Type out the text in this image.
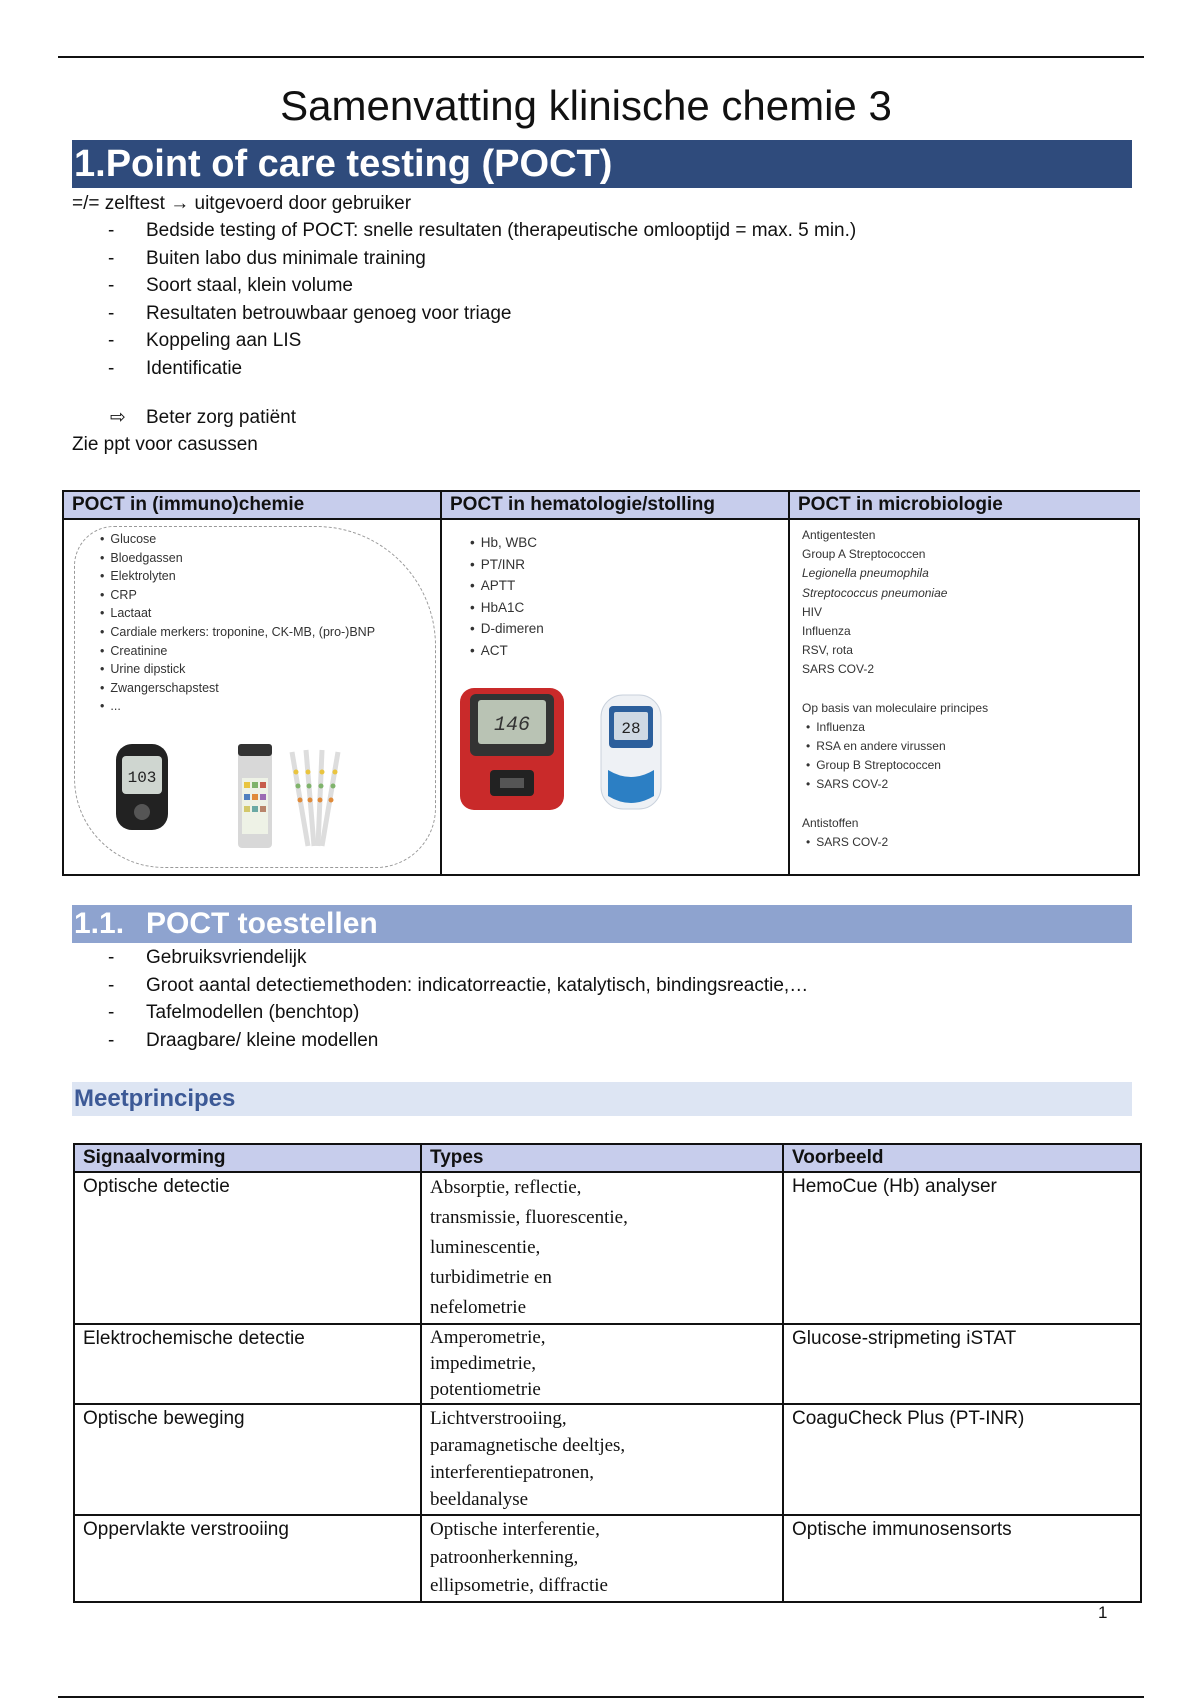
Samenvatting klinische chemie 3
1.Point of care testing (POCT)
=/= zelftest → uitgevoerd door gebruiker
- Bedside testing of POCT: snelle resultaten (therapeutische omlooptijd = max. 5 min.)
- Buiten labo dus minimale training
- Soort staal, klein volume
- Resultaten betrouwbaar genoeg voor triage
- Koppeling aan LIS
- Identificatie
⇨ Beter zorg patiënt
Zie ppt voor casussen
POCT in (immuno)chemie
• Glucose
• Bloedgassen
• Elektrolyten
• CRP
• Lactaat
• Cardiale merkers: troponine, CK-MB, (pro-)BNP
• Creatinine
• Urine dipstick
• Zwangerschapstest
• ...
103
POCT in hematologie/stolling
• Hb, WBC
• PT/INR
• APTT
• HbA1C
• D-dimeren
• ACT
146	28
POCT in microbiologie
Antigentesten
Group A Streptococcen
Legionella pneumophila
Streptococcus pneumoniae
HIV
Influenza
RSV, rota
SARS COV-2
Op basis van moleculaire principes
• Influenza
• RSA en andere virussen
• Group B Streptococcen
• SARS COV-2
Antistoffen
• SARS COV-2
1.1. POCT toestellen
- Gebruiksvriendelijk
- Groot aantal detectiemethoden: indicatorreactie, katalytisch, bindingsreactie,…
- Tafelmodellen (benchtop)
- Draagbare/ kleine modellen
Meetprincipes
Signaalvorming	Types	Voorbeeld
Optische detectie	Absorptie, reflectie,
transmissie, fluorescentie,
luminescentie,
turbidimetrie en
nefelometrie	HemoCue (Hb) analyser
Elektrochemische detectie	Amperometrie,
impedimetrie,
potentiometrie	Glucose-stripmeting iSTAT
Optische beweging	Lichtverstrooiing,
paramagnetische deeltjes,
interferentiepatronen,
beeldanalyse	CoaguCheck Plus (PT-INR)
Oppervlakte verstrooiing	Optische interferentie,
patroonherkenning,
ellipsometrie, diffractie	Optische immunosensorts
1
